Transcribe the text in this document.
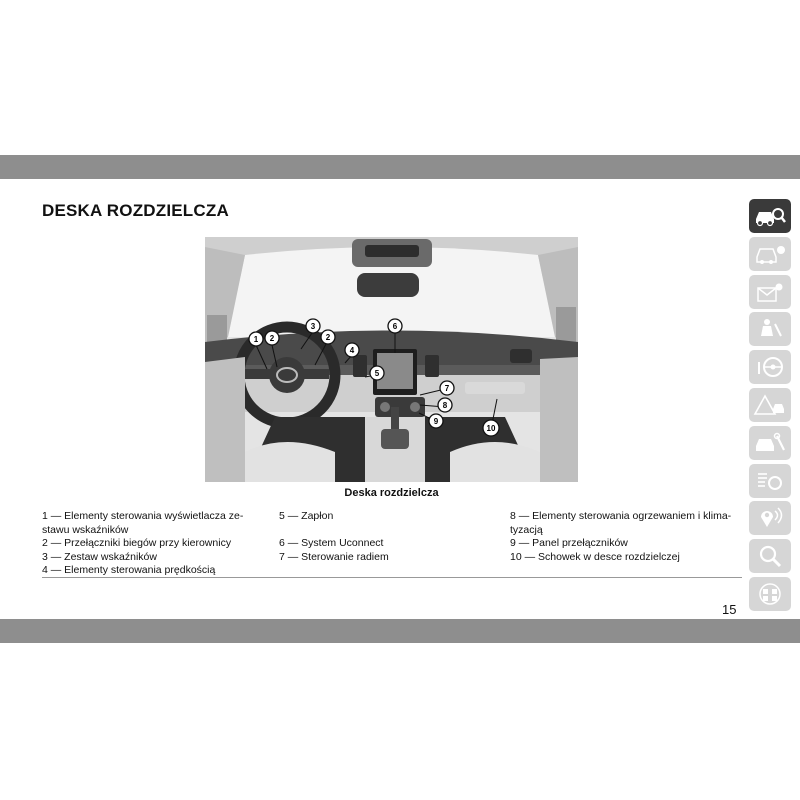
DESKA ROZDZIELCZA
1 2
3
2
4
5
6
7
8
9
10
Deska rozdzielcza
1 — Elementy sterowania wyświetlacza ze-
stawu wskaźników
2 — Przełączniki biegów przy kierownicy
3 — Zestaw wskaźników
4 — Elementy sterowania prędkością
5 — Zapłon
6 — System Uconnect
7 — Sterowanie radiem
8 — Elementy sterowania ogrzewaniem i klima-
tyzacją
9 — Panel przełączników
10 — Schowek w desce rozdzielczej
15
